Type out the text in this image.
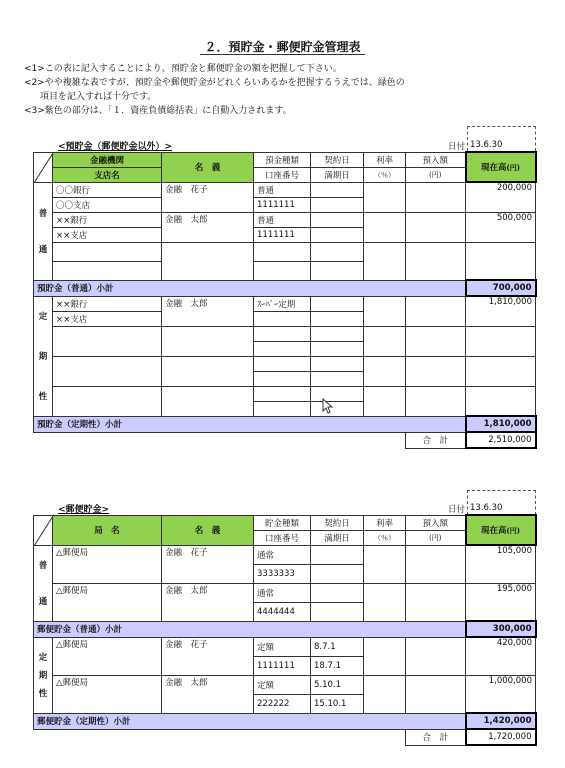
２．預貯金・郵便貯金管理表
<1>この表に記入することにより、預貯金と郵便貯金の額を把握して下さい。
<2>やや複雑な表ですが、預貯金や郵便貯金がどれくらいあるかを把握するうえでは、緑色の
項目を記入すれば十分です。
<3>紫色の部分は、「１．資産負債総括表」に自動入力されます。
<預貯金（郵便貯金以外）>	日付 13.6.30
	金融機関	名　義	預金種類	契約日	利率	預入額	現在高(円)
	支店名		口座番号	満期日	（％）	(円)	

普
通	〇〇銀行	金融　花子	普通				200,000
	〇〇支店		1111111				
	××銀行	金融　太郎	普通				500,000
	××支店		1111111				

預貯金（普通）小計							700,000

定
期
性	××銀行	金融　太郎	ｽｰﾊﾟｰ定期				1,810,000
	××支店						

預貯金（定期性）小計							1,810,000
						合　計	2,510,000
<郵便貯金>	日付 13.6.30
	局　名	名　義	貯金種類	契約日	利率	預入額	現在高(円)
			口座番号	満期日	（％）	(円)	

普
通	△郵便局	金融　花子	通常				105,000
			3333333				
	△郵便局	金融　太郎	通常				195,000
			4444444				
郵便貯金（普通）小計							300,000

定
期
性	△郵便局	金融　花子	定額	8.7.1			420,000
			1111111	18.7.1			
	△郵便局	金融　太郎	定額	5.10.1			1,000,000
			222222	15.10.1			
郵便貯金（定期性）小計							1,420,000
						合　計	1,720,000
